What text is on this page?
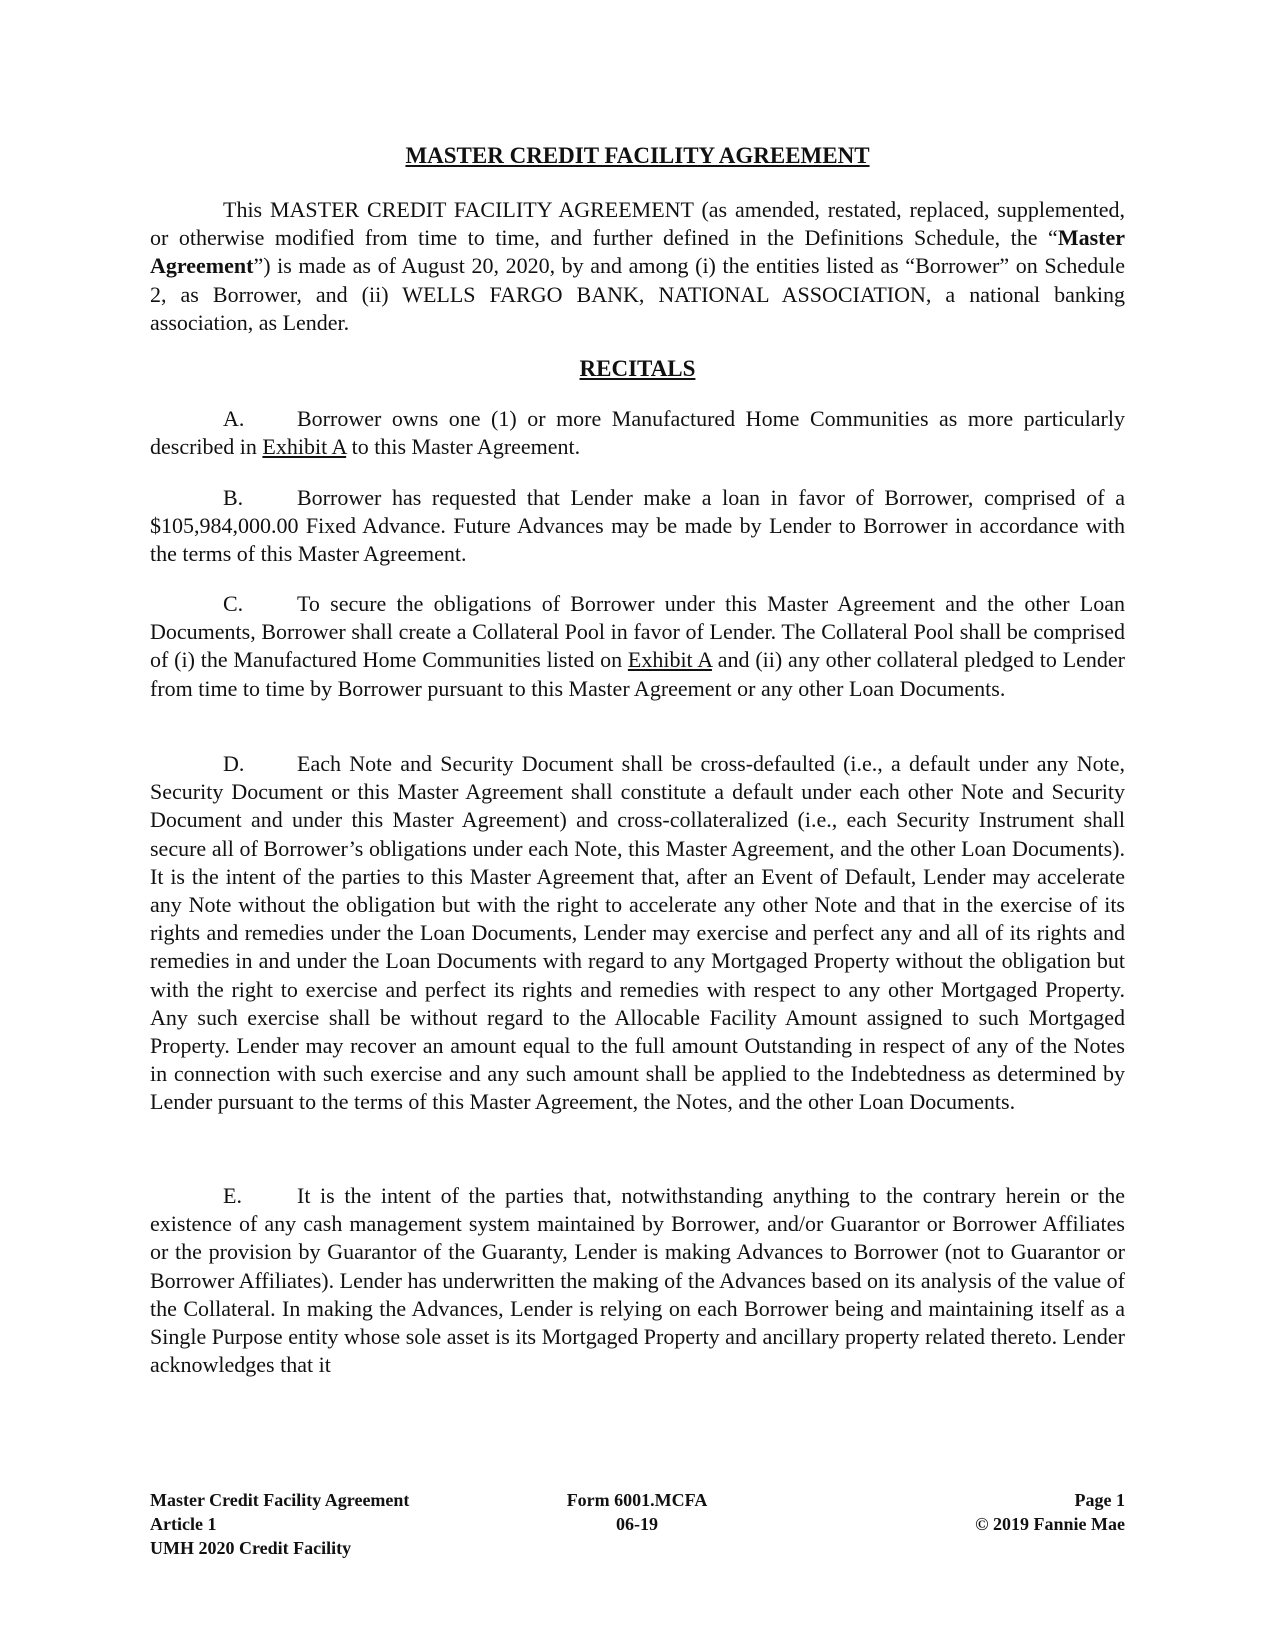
MASTER CREDIT FACILITY AGREEMENT

This MASTER CREDIT FACILITY AGREEMENT (as amended, restated, replaced, supplemented, or otherwise modified from time to time, and further defined in the Definitions Schedule, the “Master Agreement”) is made as of August 20, 2020, by and among (i) the entities listed as “Borrower” on Schedule 2, as Borrower, and (ii) WELLS FARGO BANK, NATIONAL ASSOCIATION, a national banking association, as Lender.

RECITALS

A. Borrower owns one (1) or more Manufactured Home Communities as more particularly described in Exhibit A to this Master Agreement.

B. Borrower has requested that Lender make a loan in favor of Borrower, comprised of a $105,984,000.00 Fixed Advance. Future Advances may be made by Lender to Borrower in accordance with the terms of this Master Agreement.

C. To secure the obligations of Borrower under this Master Agreement and the other Loan Documents, Borrower shall create a Collateral Pool in favor of Lender. The Collateral Pool shall be comprised of (i) the Manufactured Home Communities listed on Exhibit A and (ii) any other collateral pledged to Lender from time to time by Borrower pursuant to this Master Agreement or any other Loan Documents.

D. Each Note and Security Document shall be cross-defaulted (i.e., a default under any Note, Security Document or this Master Agreement shall constitute a default under each other Note and Security Document and under this Master Agreement) and cross-collateralized (i.e., each Security Instrument shall secure all of Borrower’s obligations under each Note, this Master Agreement, and the other Loan Documents). It is the intent of the parties to this Master Agreement that, after an Event of Default, Lender may accelerate any Note without the obligation but with the right to accelerate any other Note and that in the exercise of its rights and remedies under the Loan Documents, Lender may exercise and perfect any and all of its rights and remedies in and under the Loan Documents with regard to any Mortgaged Property without the obligation but with the right to exercise and perfect its rights and remedies with respect to any other Mortgaged Property. Any such exercise shall be without regard to the Allocable Facility Amount assigned to such Mortgaged Property. Lender may recover an amount equal to the full amount Outstanding in respect of any of the Notes in connection with such exercise and any such amount shall be applied to the Indebtedness as determined by Lender pursuant to the terms of this Master Agreement, the Notes, and the other Loan Documents.

E.	It is the intent of the parties that, notwithstanding anything to the contrary herein or the existence of any cash management system maintained by Borrower, and/or Guarantor or Borrower Affiliates or the provision by Guarantor of the Guaranty, Lender is making Advances to Borrower (not to Guarantor or Borrower Affiliates). Lender has underwritten the making of the Advances based on its analysis of the value of the Collateral. In making the Advances, Lender is relying on each Borrower being and maintaining itself as a Single Purpose entity whose sole asset is its Mortgaged Property and ancillary property related thereto. Lender acknowledges that it

Master Credit Facility Agreement
Article 1
UMH 2020 Credit Facility
Form 6001.MCFA
06-19
Page 1
© 2019 Fannie Mae
